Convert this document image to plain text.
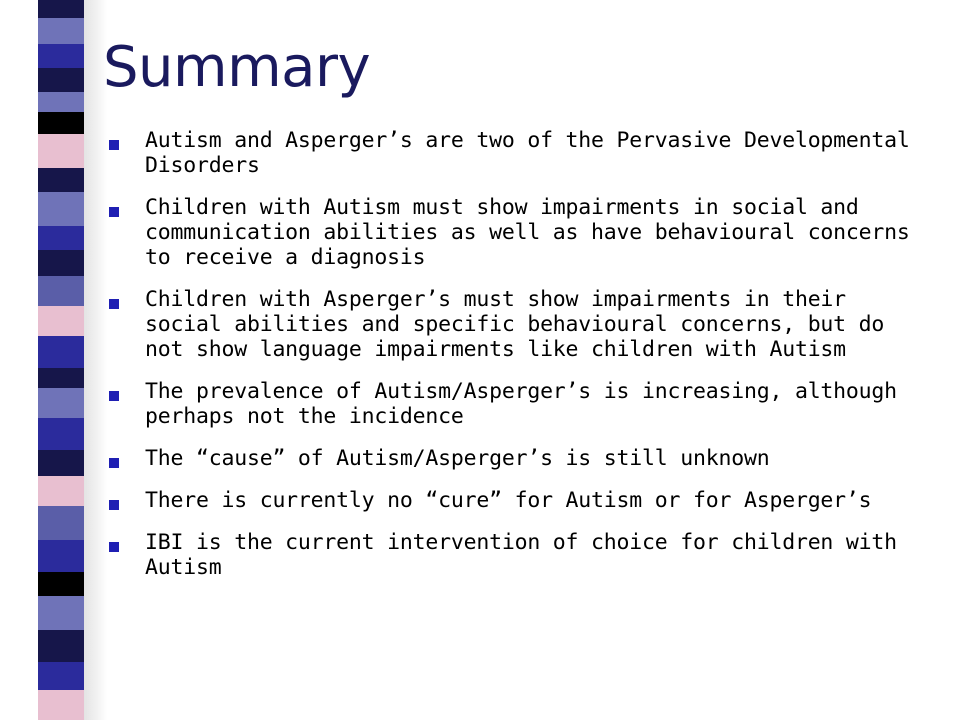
Summary
Autism and Asperger’s are two of the Pervasive Developmental Disorders
Children with Autism must show impairments in social and communication abilities as well as have behavioural concerns to receive a diagnosis
Children with Asperger’s must show impairments in their social abilities and specific behavioural concerns, but do not show language impairments like children with Autism
The prevalence of Autism/Asperger’s is increasing, although perhaps not the incidence
The “cause” of Autism/Asperger’s is still unknown
There is currently no “cure” for Autism or for Asperger’s
IBI is the current intervention of choice for children with Autism
